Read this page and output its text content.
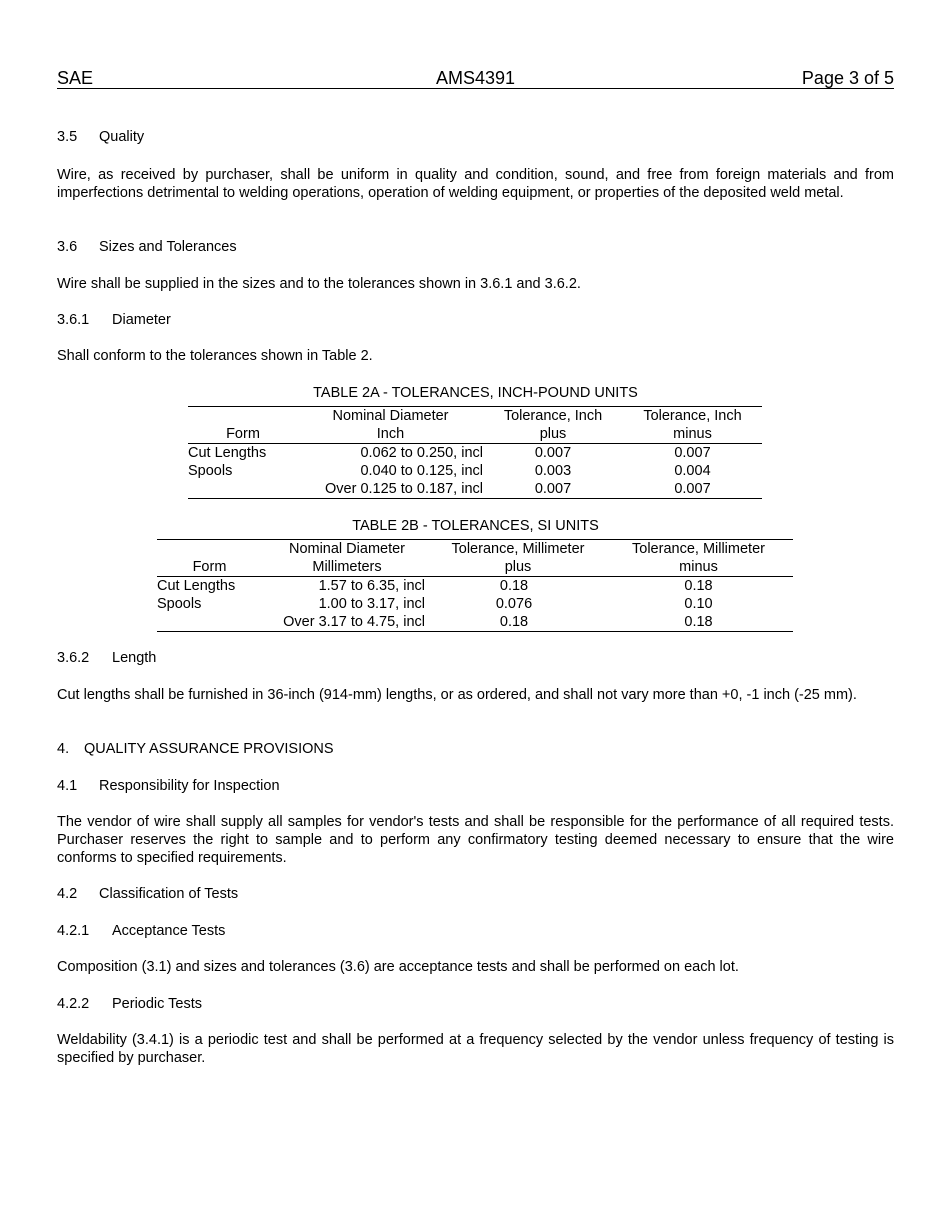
AMS4391
SAE	Page 3 of 5
3.5 Quality
Wire, as received by purchaser, shall be uniform in quality and condition, sound, and free from foreign materials and from imperfections detrimental to welding operations, operation of welding equipment, or properties of the deposited weld metal.
3.6 Sizes and Tolerances
Wire shall be supplied in the sizes and to the tolerances shown in 3.6.1 and 3.6.2.
3.6.1 Diameter
Shall conform to the tolerances shown in Table 2.
TABLE 2A - TOLERANCES, INCH-POUND UNITS
	Nominal Diameter	Tolerance, Inch	Tolerance, Inch
Form	Inch	plus	minus
Cut Lengths	0.062 to 0.250, incl	0.007	0.007
Spools	0.040 to 0.125, incl	0.003	0.004
	Over 0.125 to 0.187, incl	0.007	0.007
TABLE 2B - TOLERANCES, SI UNITS
	Nominal Diameter	Tolerance, Millimeter	Tolerance, Millimeter
Form	Millimeters	plus	minus
Cut Lengths	1.57 to 6.35, incl	0.18	0.18
Spools	1.00 to 3.17, incl	0.076	0.10
	Over 3.17 to 4.75, incl	0.18	0.18
3.6.2 Length
Cut lengths shall be furnished in 36-inch (914-mm) lengths, or as ordered, and shall not vary more than +0, -1 inch (-25 mm).
4. QUALITY ASSURANCE PROVISIONS
4.1 Responsibility for Inspection
The vendor of wire shall supply all samples for vendor's tests and shall be responsible for the performance of all required tests. Purchaser reserves the right to sample and to perform any confirmatory testing deemed necessary to ensure that the wire conforms to specified requirements.
4.2 Classification of Tests
4.2.1 Acceptance Tests
Composition (3.1) and sizes and tolerances (3.6) are acceptance tests and shall be performed on each lot.
4.2.2 Periodic Tests
Weldability (3.4.1) is a periodic test and shall be performed at a frequency selected by the vendor unless frequency of testing is specified by purchaser.
